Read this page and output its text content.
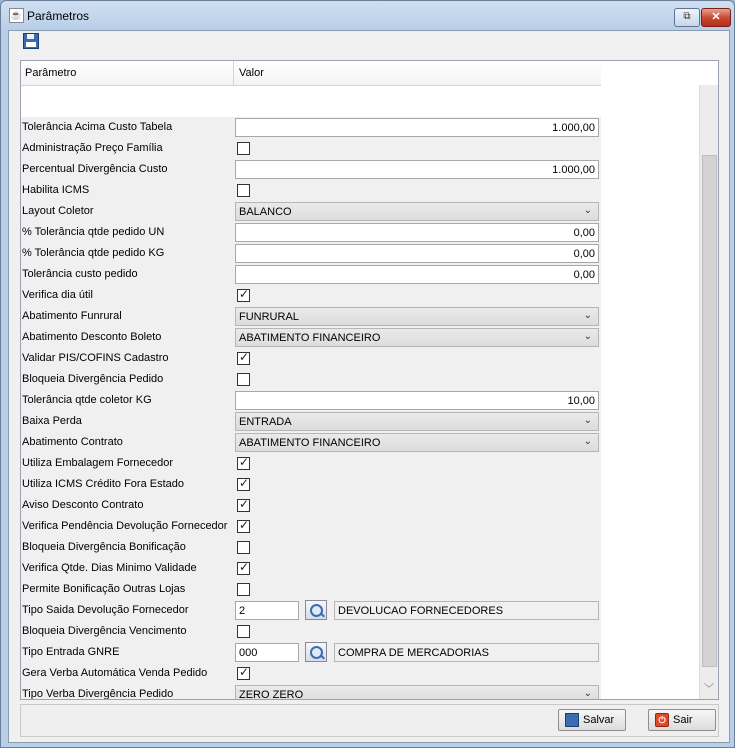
☕ Parâmetros	⧉	✕
Parâmetro	Valor
Tolerância Acima Custo Tabela	1.000,00
Administração Preço Família
Percentual Divergência Custo	1.000,00
Habilita ICMS
Layout Coletor	BALANCO	⌄
% Tolerância qtde pedido UN	0,00
% Tolerância qtde pedido KG	0,00
Tolerância custo pedido	0,00
Verifica dia útil	✓
Abatimento Funrural	FUNRURAL	⌄
Abatimento Desconto Boleto	ABATIMENTO FINANCEIRO	⌄
Validar PIS/COFINS Cadastro	✓
Bloqueia Divergência Pedido
Tolerância qtde coletor KG	10,00
Baixa Perda	ENTRADA	⌄
Abatimento Contrato	ABATIMENTO FINANCEIRO	⌄
Utiliza Embalagem Fornecedor	✓
Utiliza ICMS Crédito Fora Estado	✓
Aviso Desconto Contrato	✓
Verifica Pendência Devolução Fornecedor ✓
Bloqueia Divergência Bonificação
Verifica Qtde. Dias Minimo Validade	✓
Permite Bonificação Outras Lojas
Tipo Saida Devolução Fornecedor	2	DEVOLUCAO FORNECEDORES
Bloqueia Divergência Vencimento
Tipo Entrada GNRE	000	COMPRA DE MERCADORIAS
Gera Verba Automática Venda Pedido	✓
Tipo Verba Divergência Pedido	ZERO ZERO	⌄	﹀
Salvar	⏻ Sair
